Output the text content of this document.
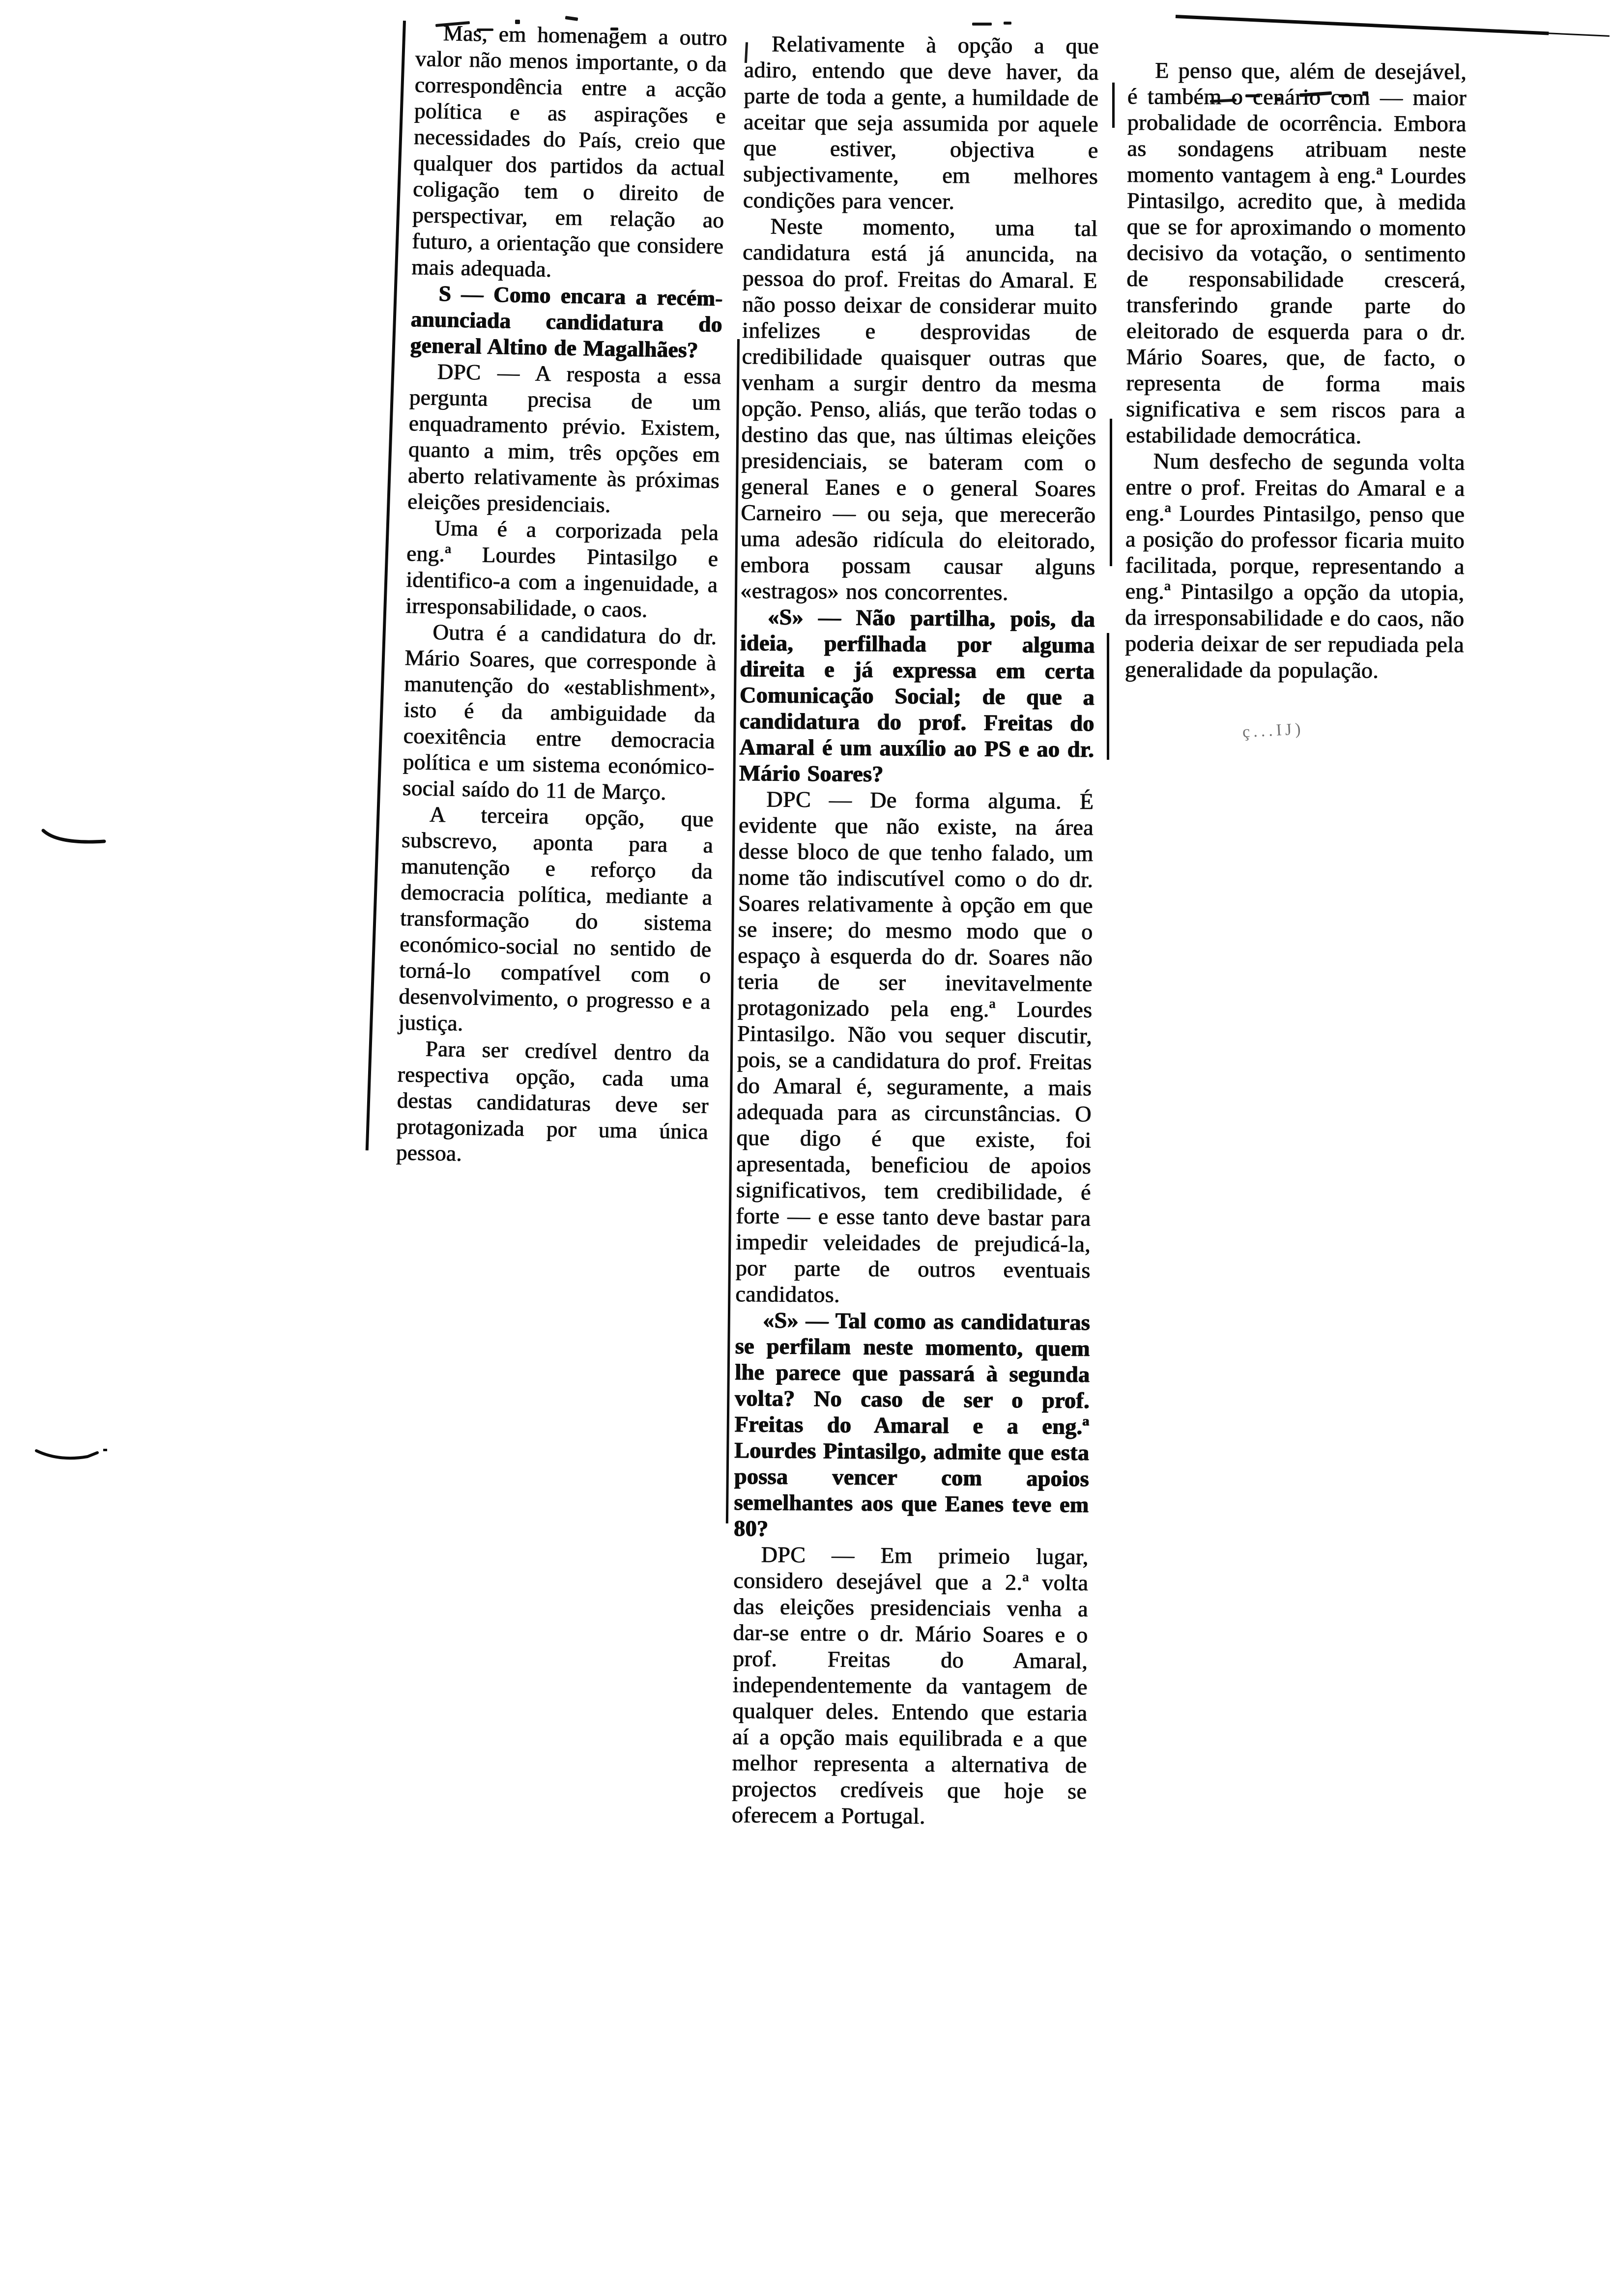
Mas, em homenagem a outro valor não menos importante, o da correspondência entre a acção política e as aspirações e necessidades do País, creio que qualquer dos partidos da actual coligação tem o direito de perspectivar, em relação ao futuro, a orientação que considere mais adequada.

S — Como encara a recém-anunciada candidatura do general Altino de Magalhães?

DPC — A resposta a essa pergunta precisa de um enquadramento prévio. Existem, quanto a mim, três opções em aberto relativamente às próximas eleições presidenciais.

Uma é a corporizada pela eng.ª Lourdes Pintasilgo e identifico-a com a ingenuidade, a irresponsabilidade, o caos.

Outra é a candidatura do dr. Mário Soares, que corresponde à manutenção do «establishment», isto é da ambiguidade da coexitência entre democracia política e um sistema económico-social saído do 11 de Março.

A terceira opção, que subscrevo, aponta para a manutenção e reforço da democracia política, mediante a transformação do sistema económico-social no sentido de torná-lo compatível com o desenvolvimento, o progresso e a justiça.

Para ser credível dentro da respectiva opção, cada uma destas candidaturas deve ser protagonizada por uma única pessoa.

Relativamente à opção a que adiro, entendo que deve haver, da parte de toda a gente, a humildade de aceitar que seja assumida por aquele que estiver, objectiva e subjectivamente, em melhores condições para vencer.

Neste momento, uma tal candidatura está já anuncida, na pessoa do prof. Freitas do Amaral. E não posso deixar de considerar muito infelizes e desprovidas de credibilidade quaisquer outras que venham a surgir dentro da mesma opção. Penso, aliás, que terão todas o destino das que, nas últimas eleições presidenciais, se bateram com o general Eanes e o general Soares Carneiro — ou seja, que merecerão uma adesão ridícula do eleitorado, embora possam causar alguns «estragos» nos concorrentes.

«S» — Não partilha, pois, da ideia, perfilhada por alguma direita e já expressa em certa Comunicação Social; de que a candidatura do prof. Freitas do Amaral é um auxílio ao PS e ao dr. Mário Soares?

DPC — De forma alguma. É evidente que não existe, na área desse bloco de que tenho falado, um nome tão indiscutível como o do dr. Soares relativamente à opção em que se insere; do mesmo modo que o espaço à esquerda do dr. Soares não teria de ser inevitavelmente protagonizado pela eng.ª Lourdes Pintasilgo. Não vou sequer discutir, pois, se a candidatura do prof. Freitas do Amaral é, seguramente, a mais adequada para as circunstâncias. O que digo é que existe, foi apresentada, beneficiou de apoios significativos, tem credibilidade, é forte — e esse tanto deve bastar para impedir veleidades de prejudicá-la, por parte de outros eventuais candidatos.

«S» — Tal como as candidaturas se perfilam neste momento, quem lhe parece que passará à segunda volta? No caso de ser o prof. Freitas do Amaral e a eng.ª Lourdes Pintasilgo, admite que esta possa vencer com apoios semelhantes aos que Eanes teve em 80?

DPC — Em primeio lugar, considero desejável que a 2.ª volta das eleições presidenciais venha a dar-se entre o dr. Mário Soares e o prof. Freitas do Amaral, independentemente da vantagem de qualquer deles. Entendo que estaria aí a opção mais equilibrada e a que melhor representa a alternativa de projectos credíveis que hoje se oferecem a Portugal.

E penso que, além de desejável, é também o cenário com — maior probalidade de ocorrência. Embora as sondagens atribuam neste momento vantagem à eng.ª Lourdes Pintasilgo, acredito que, à medida que se for aproximando o momento decisivo da votação, o sentimento de responsabilidade crescerá, transferindo grande parte do eleitorado de esquerda para o dr. Mário Soares, que, de facto, o representa de forma mais significativa e sem riscos para a estabilidade democrática.

Num desfecho de segunda volta entre o prof. Freitas do Amaral e a eng.ª Lourdes Pintasilgo, penso que a posição do professor ficaria muito facilitada, porque, representando a eng.ª Pintasilgo a opção da utopia, da irresponsabilidade e do caos, não poderia deixar de ser repudiada pela generalidade da população.

ç...IJ)
